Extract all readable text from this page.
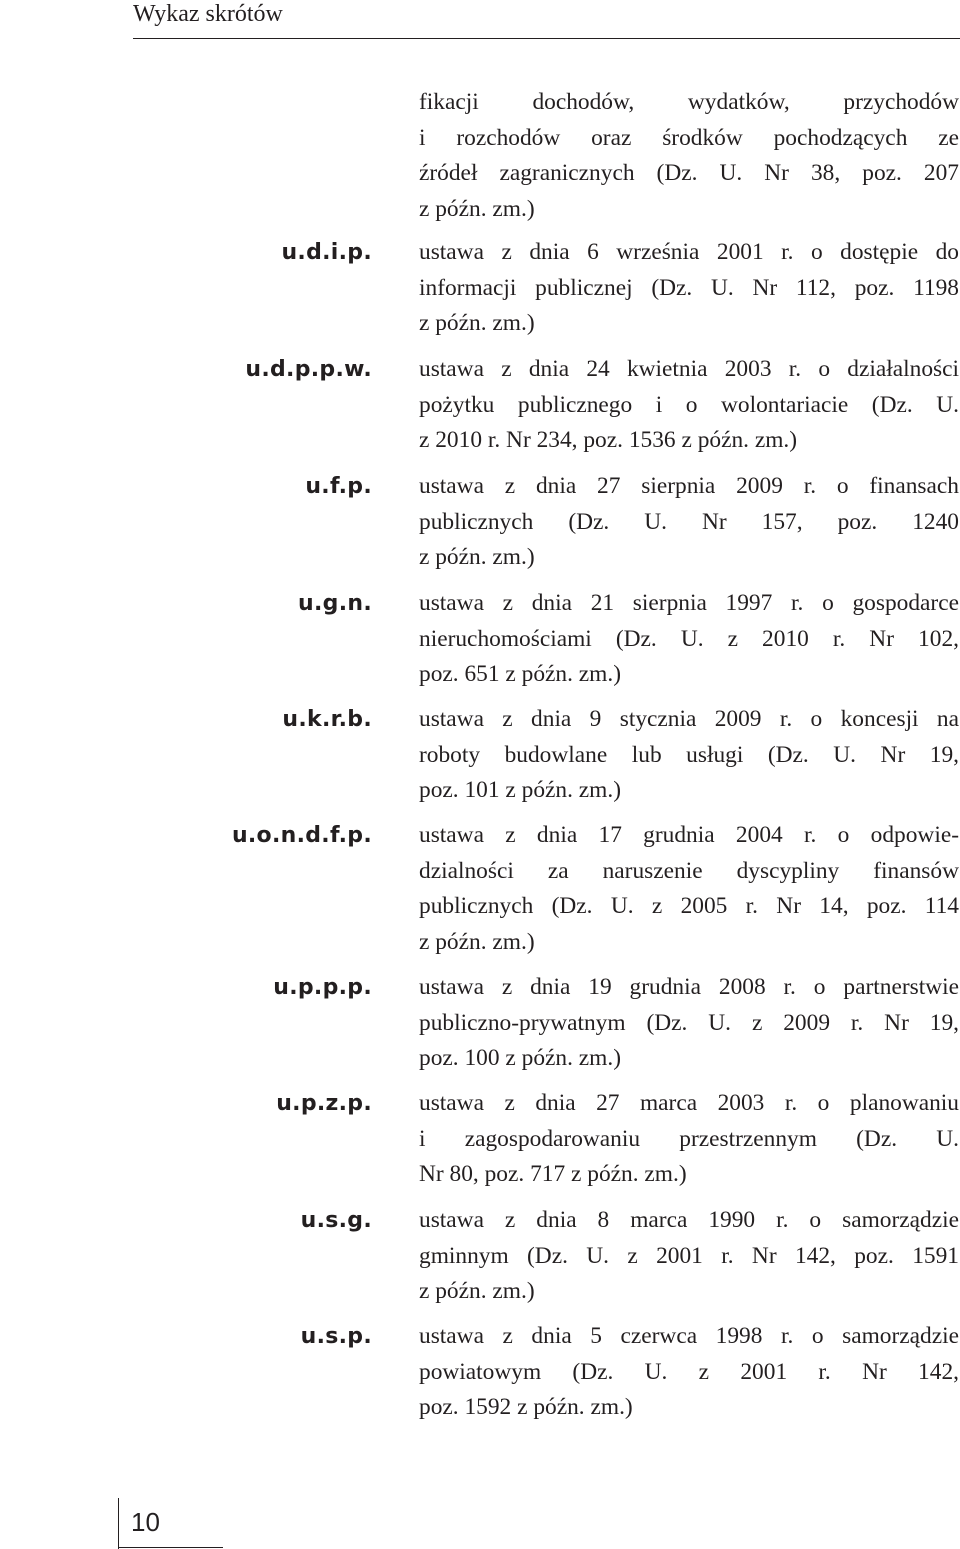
Wykaz skrótów
fikacji dochodów, wydatków, przychodów
i rozchodów oraz środków pochodzących ze
źródeł zagranicznych (Dz. U. Nr 38, poz. 207
z późn. zm.)
u.d.i.p. ustawa z dnia 6 września 2001 r. o dostępie do
informacji publicznej (Dz. U. Nr 112, poz. 1198
z późn. zm.)
u.d.p.p.w. ustawa z dnia 24 kwietnia 2003 r. o działalności
pożytku publicznego i o wolontariacie (Dz. U.
z 2010 r. Nr 234, poz. 1536 z późn. zm.)
u.f.p. ustawa z dnia 27 sierpnia 2009 r. o finansach
publicznych (Dz. U. Nr 157, poz. 1240
z późn. zm.)
u.g.n. ustawa z dnia 21 sierpnia 1997 r. o gospodarce
nieruchomościami (Dz. U. z 2010 r. Nr 102,
poz. 651 z późn. zm.)
u.k.r.b. ustawa z dnia 9 stycznia 2009 r. o koncesji na
roboty budowlane lub usługi (Dz. U. Nr 19,
poz. 101 z późn. zm.)
u.o.n.d.f.p. ustawa z dnia 17 grudnia 2004 r. o odpowie-
dzialności za naruszenie dyscypliny finansów
publicznych (Dz. U. z 2005 r. Nr 14, poz. 114
z późn. zm.)
u.p.p.p. ustawa z dnia 19 grudnia 2008 r. o partnerstwie
publiczno-prywatnym (Dz. U. z 2009 r. Nr 19,
poz. 100 z późn. zm.)
u.p.z.p. ustawa z dnia 27 marca 2003 r. o planowaniu
i zagospodarowaniu przestrzennym (Dz. U.
Nr 80, poz. 717 z późn. zm.)
u.s.g. ustawa z dnia 8 marca 1990 r. o samorządzie
gminnym (Dz. U. z 2001 r. Nr 142, poz. 1591
z późn. zm.)
u.s.p. ustawa z dnia 5 czerwca 1998 r. o samorządzie
powiatowym (Dz. U. z 2001 r. Nr 142,
poz. 1592 z późn. zm.)
10
